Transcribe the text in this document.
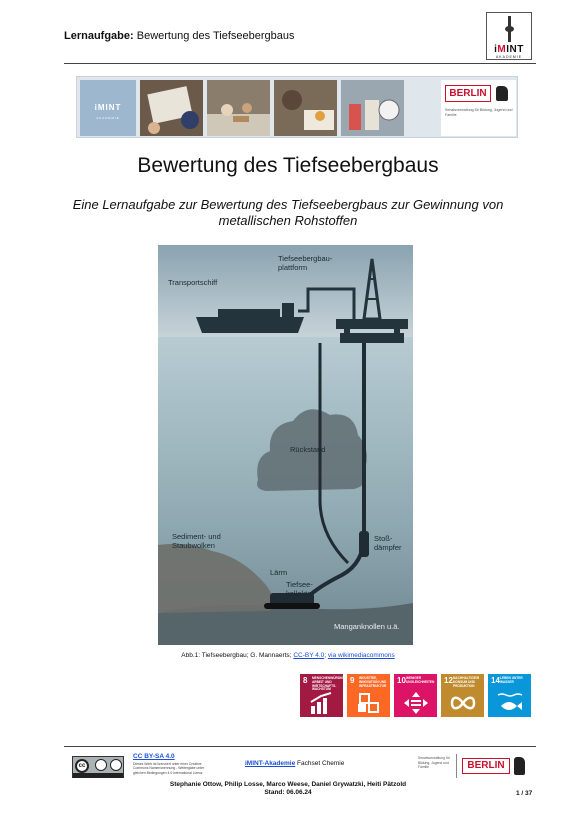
Lernaufgabe: Bewertung des Tiefseebergbaus
iMINT
AKADEMIE
iMINT
AKADEMIE
BERLIN
Senatsverwaltung für Bildung, Jugend und Familie
Bewertung des Tiefseebergbaus
Eine Lernaufgabe zur Bewertung des Tiefseebergbaus zur Gewinnung von metallischen Rohstoffen
Tiefseebergbau-plattform
Transportschiff
Rückstand
Sediment- und Staubwolken
Stoß-dämpfer
Lärm
Tiefsee-kollektor
Manganknollen u.ä.
Abb.1: Tiefseebergbau; G. Mannaerts; CC-BY 4.0; via wikimediacommons
8 MENSCHENWÜRDIGE ARBEIT UND WIRTSCHAFTS-WACHSTUM
9 INDUSTRIE, INNOVATION UND INFRASTRUKTUR
10 WENIGER UNGLEICHHEITEN 12 NACHHALTIGE/R KONSUM UND PRODUKTION
14 LEBEN UNTER WASSER
cc
CC BY-SA 4.0
Dieses Werk ist lizenziert unter einer Creative Commons Namensnennung - Weitergabe unter gleichen Bedingungen 4.0 International Lizenz
iMINT-Akademie Fachset Chemie
Senatsverwaltung für Bildung, Jugend und Familie	BERLIN
Stephanie Ottow, Philip Losse, Marco Weese, Daniel Grywatzki, Heiti Pätzold
Stand: 06.06.24	1 / 37
